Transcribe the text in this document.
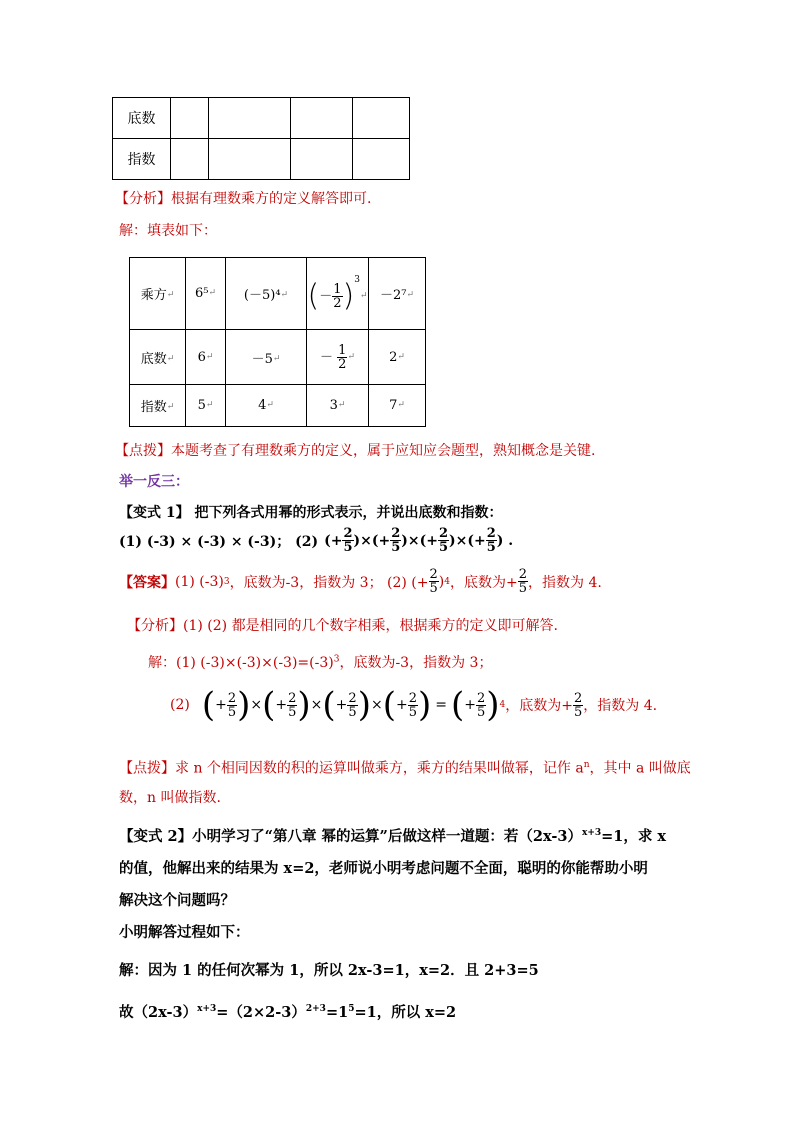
底数				
指数				
【分析】根据有理数乘方的定义解答即可.
解：填表如下：
乘方↵	6⁵↵	(－5)⁴↵	(－ $\frac{1}{2}$ )$^3$↵	－2⁷↵
底数↵	6↵	－5↵	－ $\frac{1}{2}$ ↵	2↵
指数↵	5↵	4↵	3↵	7↵
【点拨】本题考查了有理数乘方的定义，属于应知应会题型，熟知概念是关键.
举一反三：
【变式 1】 把下列各式用幂的形式表示，并说出底数和指数：
(1) (-3) × (-3) × (-3)； (2) (+ $\frac{2}{5}$ )×(+ $\frac{2}{5}$ )×(+ $\frac{2}{5}$ )×(+ $\frac{2}{5}$ ) .
【答案】 (1) (-3) 3 ，底数为-3，指数为 3； (2) (+ $\frac{2}{5}$ ) 4 ，底数为+ $\frac{2}{5}$ ，指数为 4.
【分析】(1) (2) 都是相同的几个数字相乘，根据乘方的定义即可解答.
解：(1) $(-3)\times(-3)\times(-3)=(-3)^3$，底数为-3，指数为 3；
(2) ( + $\frac{2}{5}$ ) × ( + $\frac{2}{5}$ ) × ( + $\frac{2}{5}$ ) × ( + $\frac{2}{5}$ ) = ( + $\frac{2}{5}$ ) 4 ，底数为+ $\frac{2}{5}$ ，指数为 4.
【点拨】求 n 个相同因数的积的运算叫做乘方，乘方的结果叫做幂，记作 $a^n$，其中 a 叫做底
数，n 叫做指数.
【变式 2】小明学习了“第八章 幂的运算”后做这样一道题：若$(2x-3)^{x+3}=1$，求 x
的值，他解出来的结果为 x=2，老师说小明考虑问题不全面，聪明的你能帮助小明
解决这个问题吗？
小明解答过程如下：
解：因为 1 的任何次幂为 1，所以 2x-3=1，x=2．且 2+3=5
故$(2x-3)^{x+3}=(2\times 2-3)^{2+3}=1^5=1$，所以 x=2
